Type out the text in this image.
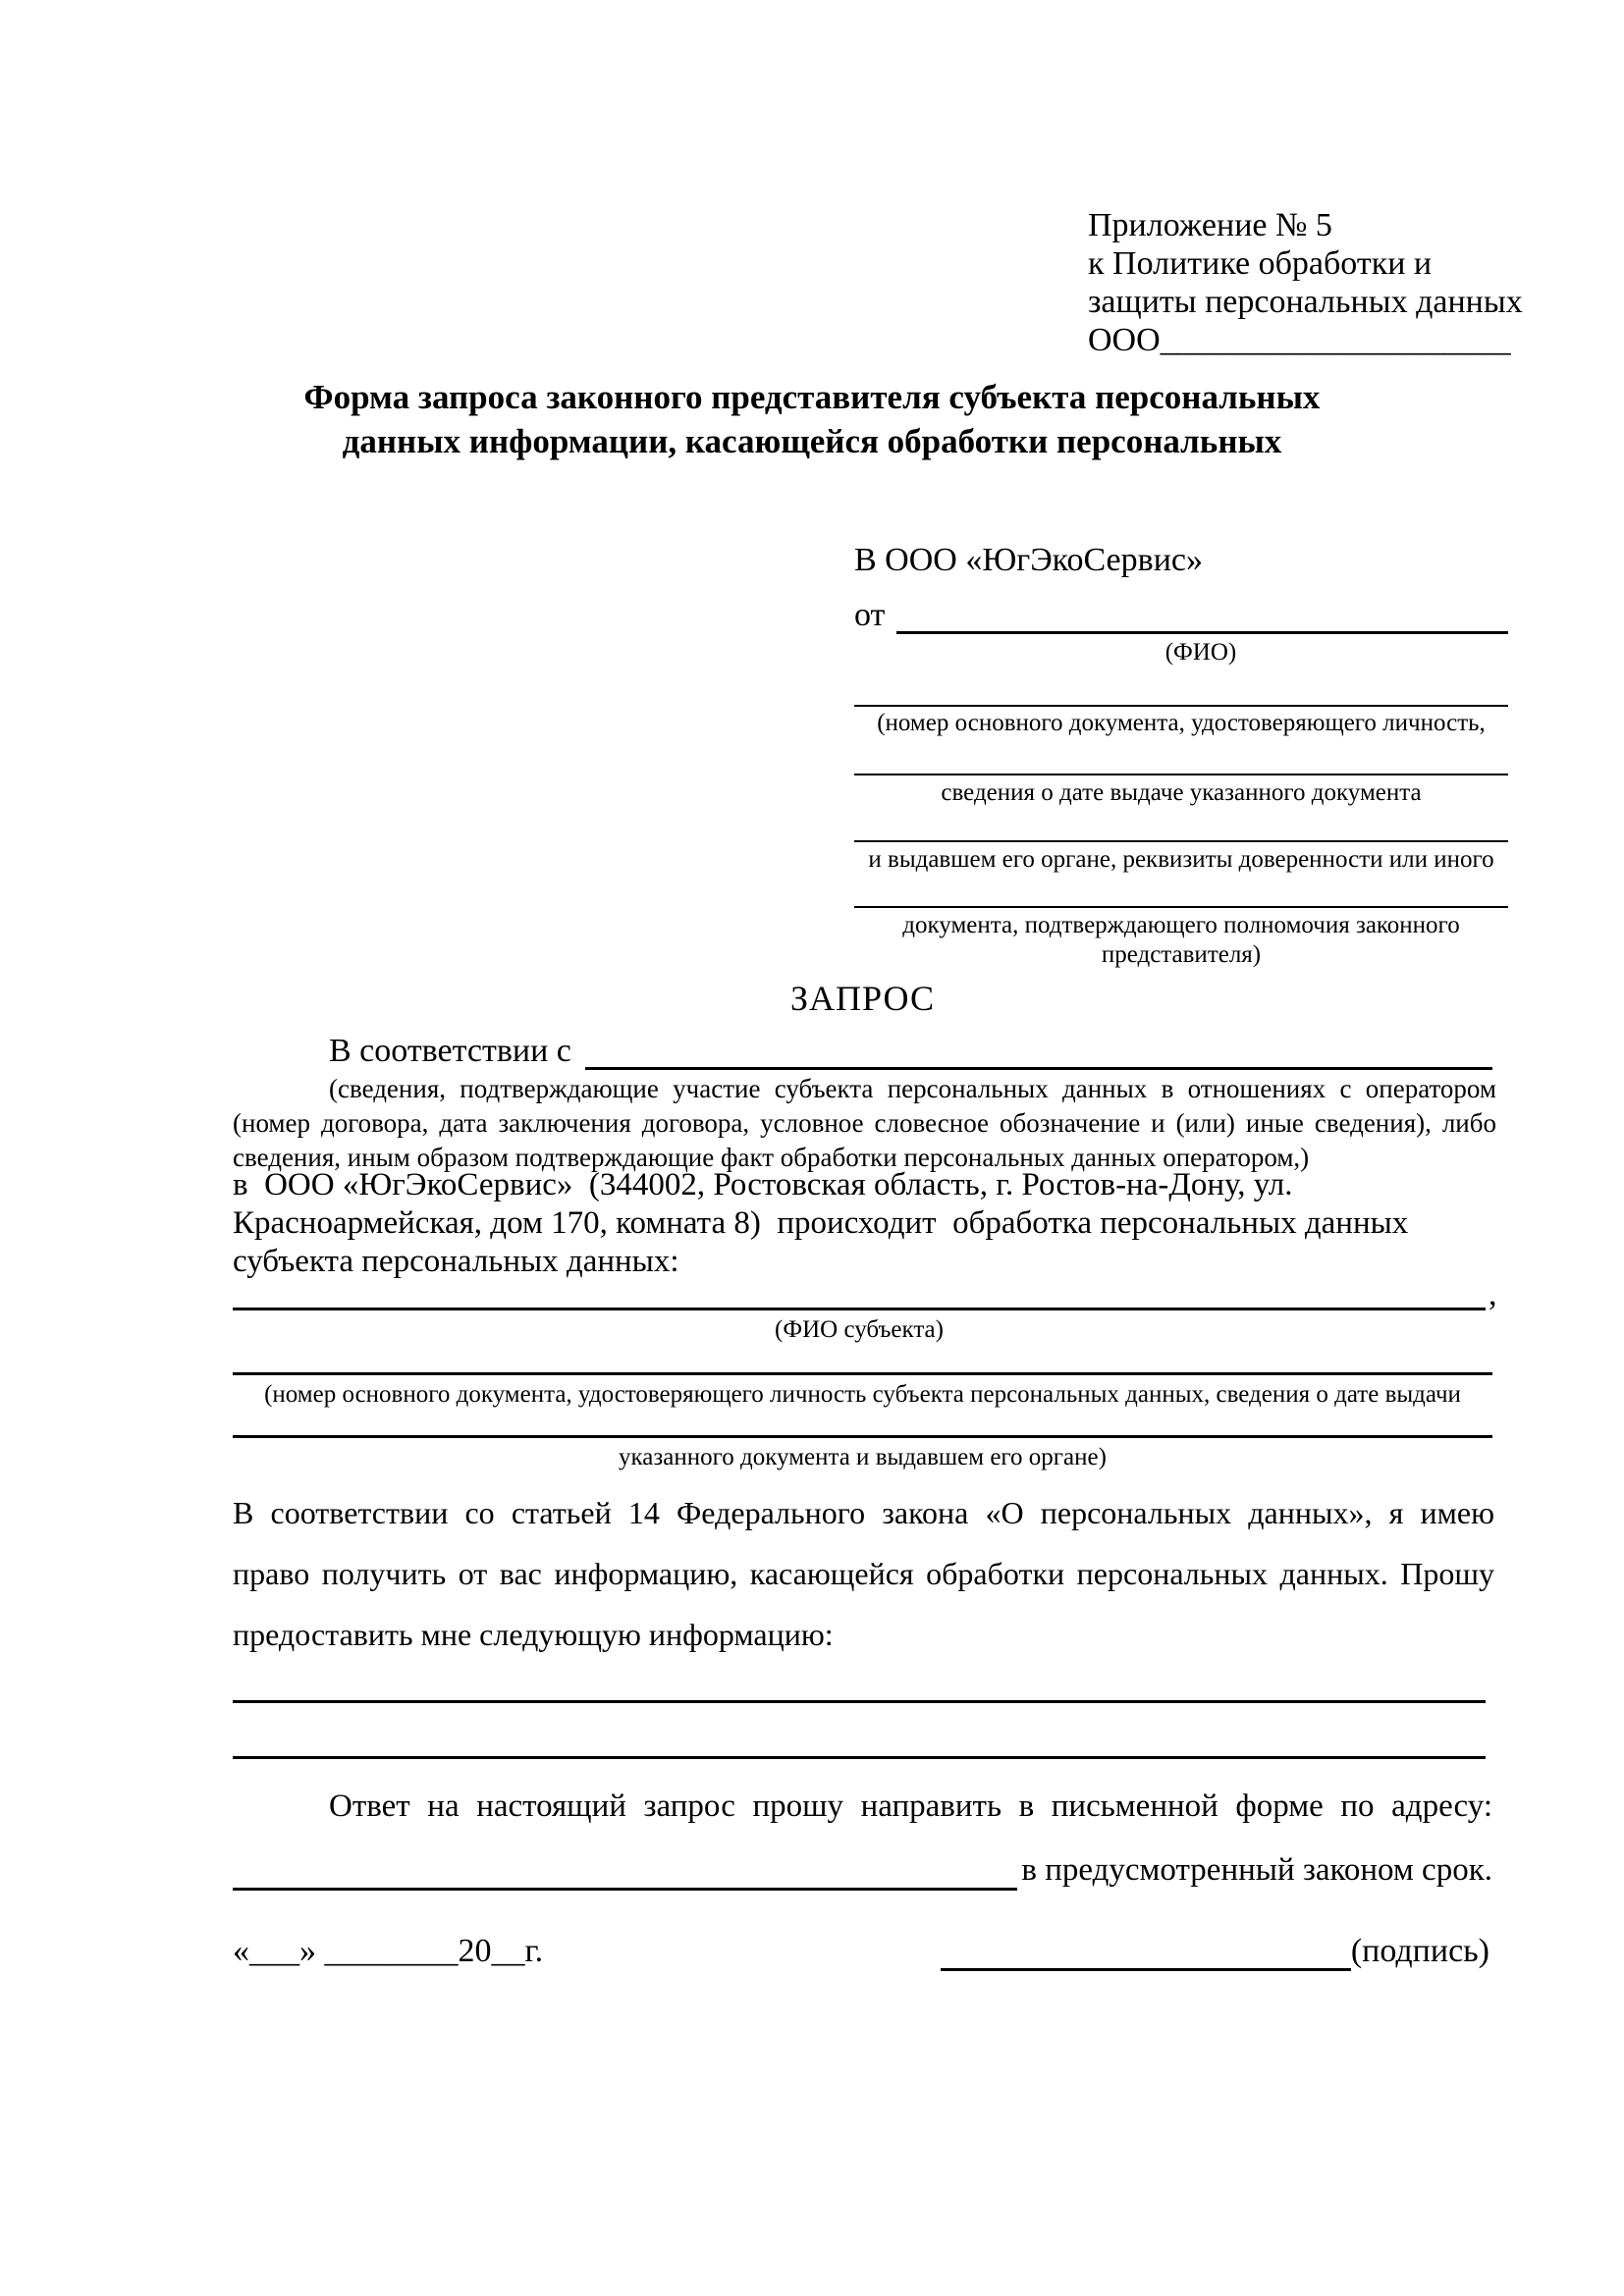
Приложение № 5
к Политике обработки и
защиты персональных данных
ООО_____________________
Форма запроса законного представителя субъекта персональных
данных информации, касающейся обработки персональных
В ООО «ЮгЭкоСервис»
от
(ФИО)
(номер основного документа, удостоверяющего личность,
сведения о дате выдаче указанного документа
и выдавшем его органе, реквизиты доверенности или иного
документа, подтверждающего полномочия законного представителя)
ЗАПРОС
В соответствии с
(сведения, подтверждающие участие субъекта персональных данных в отношениях с оператором (номер договора, дата заключения договора, условное словесное обозначение и (или) иные сведения), либо сведения, иным образом подтверждающие факт обработки персональных данных оператором,)
в  ООО «ЮгЭкоСервис»  (344002, Ростовская область, г. Ростов-на-Дону, ул.
Красноармейская, дом 170, комната 8)  происходит  обработка персональных данных
субъекта персональных данных:
,
(ФИО субъекта)
(номер основного документа, удостоверяющего личность субъекта персональных данных, сведения о дате выдачи
указанного документа и выдавшем его органе)
В соответствии со статьей 14 Федерального закона «О персональных данных», я имею
право получить от вас информацию, касающейся обработки персональных данных. Прошу
предоставить мне следующую информацию:
Ответ на настоящий запрос прошу направить в письменной форме по адресу:
в предусмотренный законом срок.
«___» ________20__г.	(подпись)
